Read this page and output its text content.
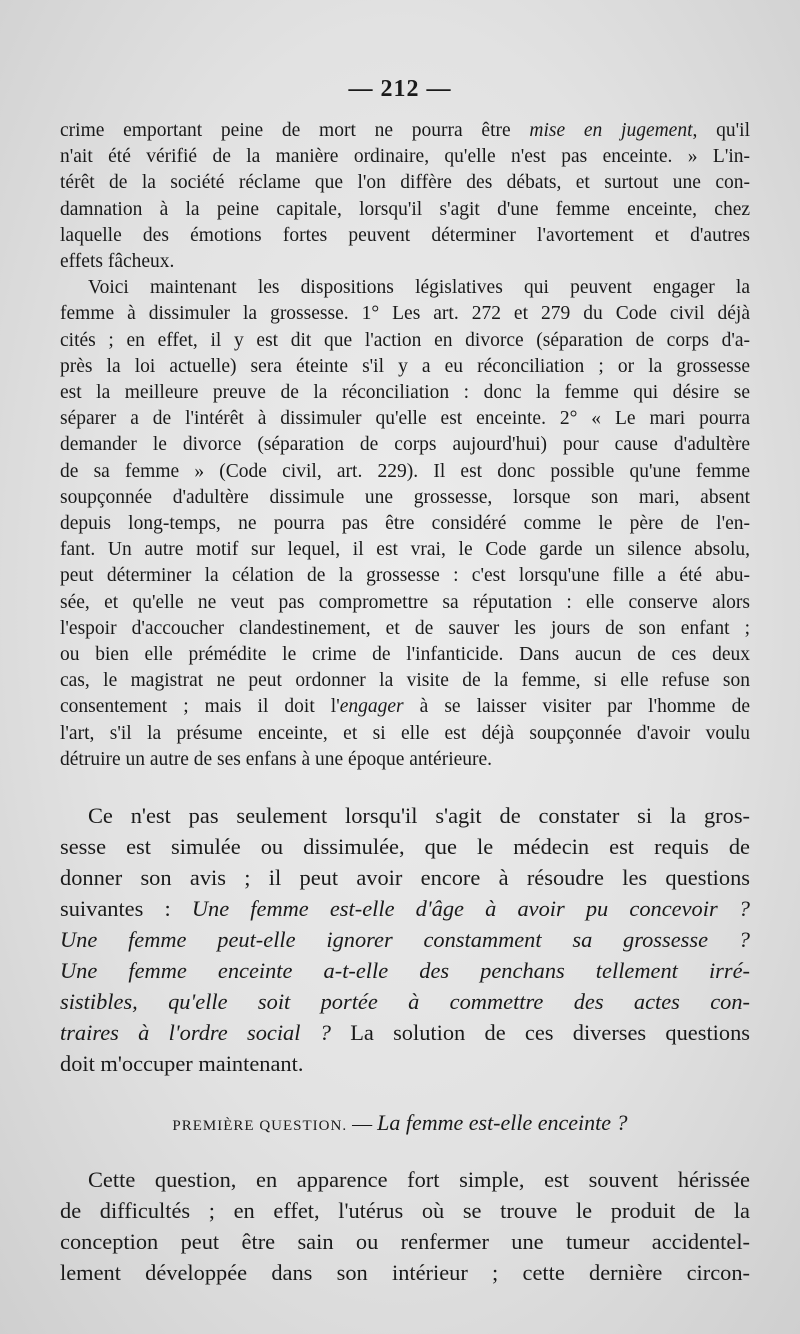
— 212 —
crime emportant peine de mort ne pourra être mise en jugement, qu'il
n'ait été vérifié de la manière ordinaire, qu'elle n'est pas enceinte. » L'in-
térêt de la société réclame que l'on diffère des débats, et surtout une con-
damnation à la peine capitale, lorsqu'il s'agit d'une femme enceinte, chez
laquelle des émotions fortes peuvent déterminer l'avortement et d'autres
effets fâcheux.
Voici maintenant les dispositions législatives qui peuvent engager la
femme à dissimuler la grossesse. 1° Les art. 272 et 279 du Code civil déjà
cités ; en effet, il y est dit que l'action en divorce (séparation de corps d'a-
près la loi actuelle) sera éteinte s'il y a eu réconciliation ; or la grossesse
est la meilleure preuve de la réconciliation : donc la femme qui désire se
séparer a de l'intérêt à dissimuler qu'elle est enceinte. 2° « Le mari pourra
demander le divorce (séparation de corps aujourd'hui) pour cause d'adultère
de sa femme » (Code civil, art. 229). Il est donc possible qu'une femme
soupçonnée d'adultère dissimule une grossesse, lorsque son mari, absent
depuis long-temps, ne pourra pas être considéré comme le père de l'en-
fant. Un autre motif sur lequel, il est vrai, le Code garde un silence absolu,
peut déterminer la célation de la grossesse : c'est lorsqu'une fille a été abu-
sée, et qu'elle ne veut pas compromettre sa réputation : elle conserve alors
l'espoir d'accoucher clandestinement, et de sauver les jours de son enfant ;
ou bien elle prémédite le crime de l'infanticide. Dans aucun de ces deux
cas, le magistrat ne peut ordonner la visite de la femme, si elle refuse son
consentement ; mais il doit l'engager à se laisser visiter par l'homme de
l'art, s'il la présume enceinte, et si elle est déjà soupçonnée d'avoir voulu
détruire un autre de ses enfans à une époque antérieure.
Ce n'est pas seulement lorsqu'il s'agit de constater si la gros-
sesse est simulée ou dissimulée, que le médecin est requis de
donner son avis ; il peut avoir encore à résoudre les questions
suivantes : Une femme est-elle d'âge à avoir pu concevoir ?
Une femme peut-elle ignorer constamment sa grossesse ?
Une femme enceinte a-t-elle des penchans tellement irré-
sistibles, qu'elle soit portée à commettre des actes con-
traires à l'ordre social ? La solution de ces diverses questions
doit m'occuper maintenant.
PREMIÈRE QUESTION. — La femme est-elle enceinte ?
Cette question, en apparence fort simple, est souvent hérissée
de difficultés ; en effet, l'utérus où se trouve le produit de la
conception peut être sain ou renfermer une tumeur accidentel-
lement développée dans son intérieur ; cette dernière circon-
